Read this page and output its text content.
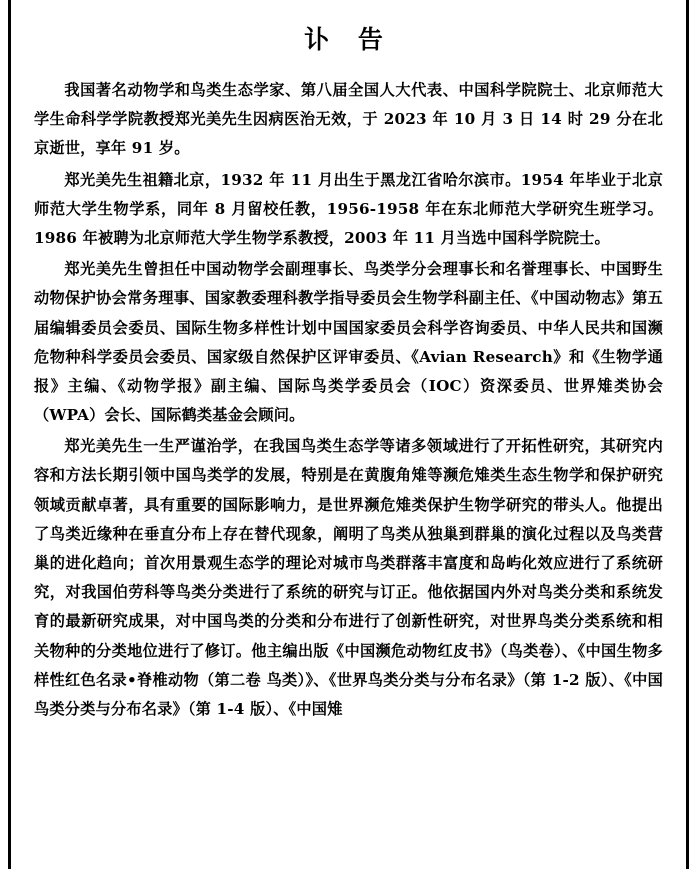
讣 告

我国著名动物学和鸟类生态学家、第八届全国人大代表、中国科学院院士、北京师范大学生命科学学院教授郑光美先生因病医治无效，于 2023 年 10 月 3 日 14 时 29 分在北京逝世，享年 91 岁。

郑光美先生祖籍北京，1932 年 11 月出生于黑龙江省哈尔滨市。1954 年毕业于北京师范大学生物学系，同年 8 月留校任教，1956-1958 年在东北师范大学研究生班学习。1986 年被聘为北京师范大学生物学系教授，2003 年 11 月当选中国科学院院士。

郑光美先生曾担任中国动物学会副理事长、鸟类学分会理事长和名誉理事长、中国野生动物保护协会常务理事、国家教委理科教学指导委员会生物学科副主任、《中国动物志》第五届编辑委员会委员、国际生物多样性计划中国国家委员会科学咨询委员、中华人民共和国濒危物种科学委员会委员、国家级自然保护区评审委员、《Avian Research》和《生物学通报》主编、《动物学报》副主编、国际鸟类学委员会（IOC）资深委员、世界雉类协会（WPA）会长、国际鹤类基金会顾问。

郑光美先生一生严谨治学，在我国鸟类生态学等诸多领域进行了开拓性研究，其研究内容和方法长期引领中国鸟类学的发展，特别是在黄腹角雉等濒危雉类生态生物学和保护研究领域贡献卓著，具有重要的国际影响力，是世界濒危雉类保护生物学研究的带头人。他提出了鸟类近缘种在垂直分布上存在替代现象，阐明了鸟类从独巢到群巢的演化过程以及鸟类营巢的进化趋向；首次用景观生态学的理论对城市鸟类群落丰富度和岛屿化效应进行了系统研究，对我国伯劳科等鸟类分类进行了系统的研究与订正。他依据国内外对鸟类分类和系统发育的最新研究成果，对中国鸟类的分类和分布进行了创新性研究，对世界鸟类分类系统和相关物种的分类地位进行了修订。他主编出版《中国濒危动物红皮书》（鸟类卷）、《中国生物多样性红色名录•脊椎动物（第二卷 鸟类）》、《世界鸟类分类与分布名录》（第 1-2 版）、《中国鸟类分类与分布名录》（第 1-4 版）、《中国雉
